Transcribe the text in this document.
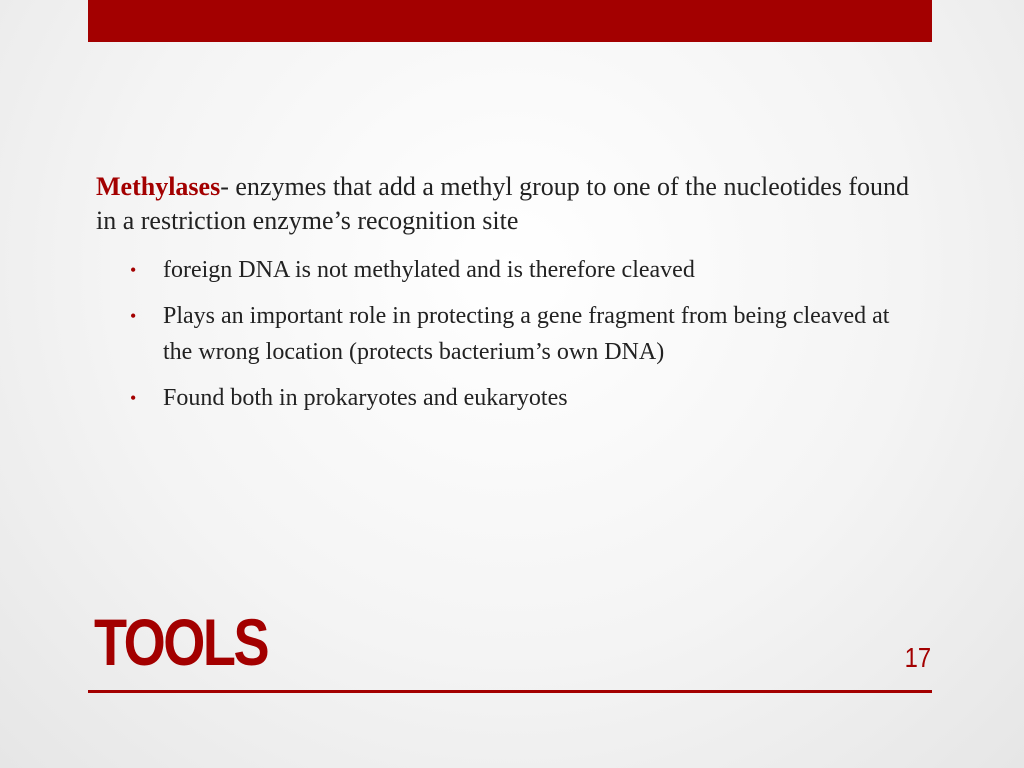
Methylases- enzymes that add a methyl group to one of the nucleotides found in a restriction enzyme’s recognition site

• foreign DNA is not methylated and is therefore cleaved
• Plays an important role in protecting a gene fragment from being cleaved at the wrong location (protects bacterium’s own DNA)
• Found both in prokaryotes and eukaryotes
TOOLS	17
